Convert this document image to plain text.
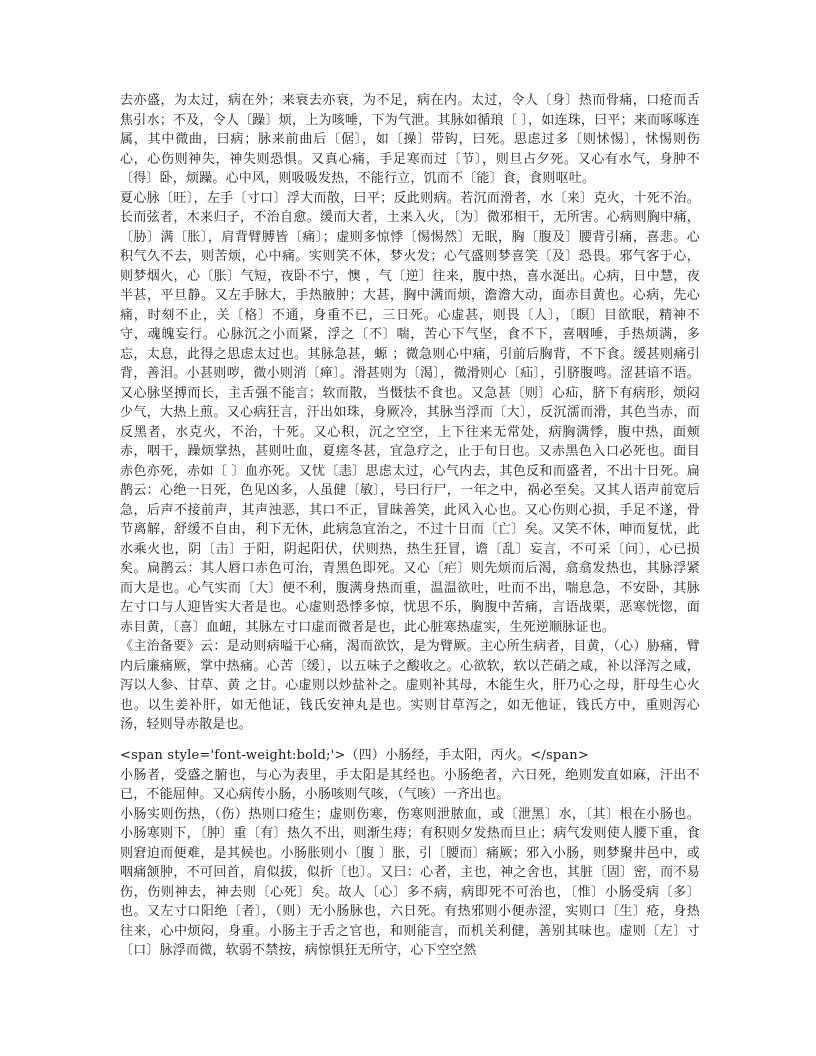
去亦盛，为太过，病在外；来衰去亦衰，为不足，病在内。太过，令人〔身〕热而骨痛，口疮而舌焦引水；不及，令人〔躁〕烦，上为咳唾，下为气泄。其脉如循琅〔 〕，如连珠，曰平；来而啄啄连属，其中微曲，曰病；脉来前曲后〔倨〕，如〔操〕带钩，曰死。思虑过多〔则怵惕〕，怵惕则伤心，心伤则神失，神失则恐惧。又真心痛，手足寒而过〔节〕，则旦占夕死。又心有水气，身肿不〔得〕卧，烦躁。心中风，则吸吸发热，不能行立，饥而不〔能〕食，食则呕吐。

夏心脉〔旺〕，左手〔寸口〕浮大而散，曰平；反此则病。若沉而滑者，水〔来〕克火，十死不治。长而弦者，木来归子，不治自愈。缓而大者，土来入火，〔为〕微邪相干，无所害。心病则胸中痛，〔胁〕满〔胀〕，肩背臂膊皆〔痛〕；虚则多惊悸〔惕惕然〕无眠，胸〔腹及〕腰背引痛，喜悲。心积气久不去，则苦烦，心中痛。实则笑不休，梦火发；心气盛则梦喜笑〔及〕恐畏。邪气客于心，则梦烟火，心〔胀〕气短，夜卧不宁，懊 ，气〔逆〕往来，腹中热，喜水涎出。心病，日中慧，夜半甚，平旦静。又左手脉大，手热腋肿；大甚，胸中满而烦，澹澹大动，面赤目黄也。心病，先心痛，时刻不止，关〔格〕不通，身重不已，三日死。心虚甚，则畏〔人〕，〔瞑〕目欲眠，精神不守，魂魄妄行。心脉沉之小而紧，浮之〔不〕喘，苦心下气坚，食不下，喜咽唾，手热烦满，多忘，太息，此得之思虑太过也。其脉急甚，螈 ；微急则心中痛，引前后胸背，不下食。缓甚则痛引背，善泪。小甚则哕，微小则消〔瘅〕。滑甚则为〔渴〕，微滑则心〔疝〕，引脐腹鸣。涩甚谙不语。又心脉坚搏而长，主舌强不能言；软而散，当慑怯不食也。又急甚〔则〕心疝，脐下有病形，烦闷少气，大热上煎。又心病狂言，汗出如珠，身厥冷，其脉当浮而〔大〕，反沉濡而滑，其色当赤，而反黑者，水克火，不治，十死。又心积，沉之空空，上下往来无常处，病胸满悸，腹中热，面颊赤，咽干，躁烦掌热，甚则吐血，夏瘥冬甚，宜急疗之，止于旬日也。又赤黑色入口必死也。面目赤色亦死，赤如〔 〕血亦死。又忧〔恚〕思虑太过，心气内去，其色反和而盛者，不出十日死。扁鹊云：心绝一日死，色见凶多，人虽健〔敏〕，号曰行尸，一年之中，祸必至矣。又其人语声前宽后急，后声不接前声，其声浊恶，其口不正，冒昧善笑，此风入心也。又心伤则心损，手足不遂，骨节离解，舒缓不自由，利下无休，此病急宜治之，不过十日而〔亡〕矣。又笑不休，呻而复忧，此水乘火也，阴〔击〕于阳，阴起阳伏，伏则热，热生狂冒，谵〔乱〕妄言，不可采〔问〕，心已损矣。扁鹊云：其人唇口赤色可治，青黑色即死。又心〔疟〕则先烦而后渴，翕翕发热也，其脉浮紧而大是也。心气实而〔大〕便不利，腹满身热而重，温温欲吐，吐而不出，喘息急，不安卧，其脉左寸口与人迎皆实大者是也。心虚则恐悸多惊，忧思不乐，胸腹中苦痛，言语战栗，恶寒恍惚，面赤目黄，〔喜〕血衄，其脉左寸口虚而微者是也，此心脏寒热虚实，生死逆顺脉证也。

《主治备要》云：是动则病嗌干心痛，渴而欲饮，是为臂厥。主心所生病者，目黄，（心）胁痛，臂内后廉痛厥，掌中热痛。心苦〔缓〕，以五味子之酸收之。心欲软，软以芒硝之咸，补以泽泻之咸，泻以人参、甘草、黄 之甘。心虚则以炒盐补之。虚则补其母，木能生火，肝乃心之母，肝母生心火也。以生姜补肝，如无他证，钱氏安神丸是也。实则甘草泻之，如无他证，钱氏方中，重则泻心汤，轻则导赤散是也。

<span style='font-weight:bold;'>（四）小肠经，手太阳，丙火。</span>

小肠者，受盛之腑也，与心为表里，手太阳是其经也。小肠绝者，六日死，绝则发直如麻，汗出不已，不能屈伸。又心病传小肠，小肠咳则气咳，（气咳）一齐出也。

小肠实则伤热，（伤）热则口疮生；虚则伤寒，伤寒则泄脓血，或〔泄黑〕水，〔其〕根在小肠也。小肠寒则下，〔肿〕重〔有〕热久不出，则渐生痔；有积则夕发热而旦止；病气发则使人腰下重，食则窘迫而便难，是其候也。小肠胀则小〔腹 〕胀，引〔腰而〕痛厥；邪入小肠，则梦聚井邑中，或咽痛颔肿，不可回首，肩似拔，似折〔也〕。又曰：心者，主也，神之舍也，其脏〔固〕密，而不易伤，伤则神去，神去则〔心死〕矣。故人〔心〕多不病，病即死不可治也，〔惟〕小肠受病〔多〕也。又左寸口阳绝〔者〕，（则）无小肠脉也，六日死。有热邪则小便赤涩，实则口〔生〕疮，身热往来，心中烦闷，身重。小肠主于舌之官也，和则能言，而机关利健，善别其味也。虚则〔左〕寸〔口〕脉浮而微，软弱不禁按，病惊惧狂无所守，心下空空然
